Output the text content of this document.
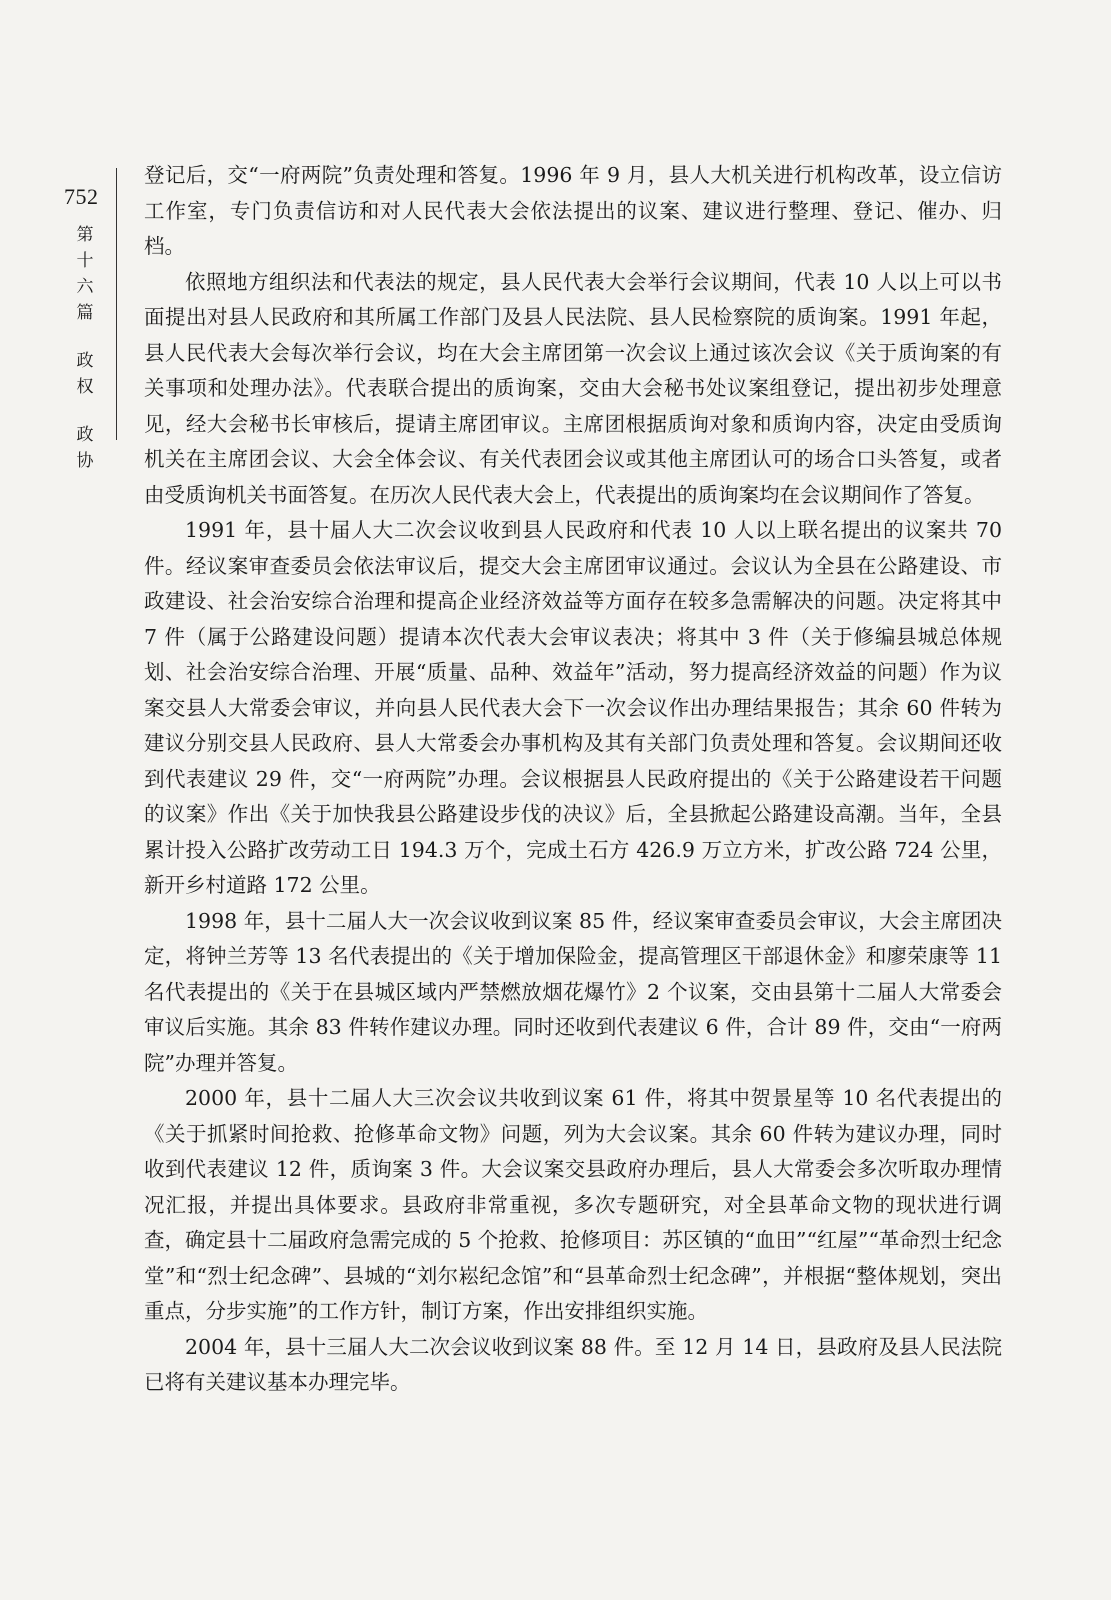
752
第
十
六
篇
政
权
政
协

登记后，交“一府两院”负责处理和答复。1996 年 9 月，县人大机关进行机构改革，设立信访工作室，专门负责信访和对人民代表大会依法提出的议案、建议进行整理、登记、催办、归档。

依照地方组织法和代表法的规定，县人民代表大会举行会议期间，代表 10 人以上可以书面提出对县人民政府和其所属工作部门及县人民法院、县人民检察院的质询案。1991 年起，县人民代表大会每次举行会议，均在大会主席团第一次会议上通过该次会议《关于质询案的有关事项和处理办法》。代表联合提出的质询案，交由大会秘书处议案组登记，提出初步处理意见，经大会秘书长审核后，提请主席团审议。主席团根据质询对象和质询内容，决定由受质询机关在主席团会议、大会全体会议、有关代表团会议或其他主席团认可的场合口头答复，或者由受质询机关书面答复。在历次人民代表大会上，代表提出的质询案均在会议期间作了答复。

1991 年，县十届人大二次会议收到县人民政府和代表 10 人以上联名提出的议案共 70 件。经议案审查委员会依法审议后，提交大会主席团审议通过。会议认为全县在公路建设、市政建设、社会治安综合治理和提高企业经济效益等方面存在较多急需解决的问题。决定将其中 7 件（属于公路建设问题）提请本次代表大会审议表决；将其中 3 件（关于修编县城总体规划、社会治安综合治理、开展“质量、品种、效益年”活动，努力提高经济效益的问题）作为议案交县人大常委会审议，并向县人民代表大会下一次会议作出办理结果报告；其余 60 件转为建议分别交县人民政府、县人大常委会办事机构及其有关部门负责处理和答复。会议期间还收到代表建议 29 件，交“一府两院”办理。会议根据县人民政府提出的《关于公路建设若干问题的议案》作出《关于加快我县公路建设步伐的决议》后，全县掀起公路建设高潮。当年，全县累计投入公路扩改劳动工日 194.3 万个，完成土石方 426.9 万立方米，扩改公路 724 公里，新开乡村道路 172 公里。

1998 年，县十二届人大一次会议收到议案 85 件，经议案审查委员会审议，大会主席团决定，将钟兰芳等 13 名代表提出的《关于增加保险金，提高管理区干部退休金》和廖荣康等 11 名代表提出的《关于在县城区域内严禁燃放烟花爆竹》2 个议案，交由县第十二届人大常委会审议后实施。其余 83 件转作建议办理。同时还收到代表建议 6 件，合计 89 件，交由“一府两院”办理并答复。

2000 年，县十二届人大三次会议共收到议案 61 件，将其中贺景星等 10 名代表提出的《关于抓紧时间抢救、抢修革命文物》问题，列为大会议案。其余 60 件转为建议办理，同时收到代表建议 12 件，质询案 3 件。大会议案交县政府办理后，县人大常委会多次听取办理情况汇报，并提出具体要求。县政府非常重视，多次专题研究，对全县革命文物的现状进行调查，确定县十二届政府急需完成的 5 个抢救、抢修项目：苏区镇的“血田”“红屋”“革命烈士纪念堂”和“烈士纪念碑”、县城的“刘尔崧纪念馆”和“县革命烈士纪念碑”，并根据“整体规划，突出重点，分步实施”的工作方针，制订方案，作出安排组织实施。

2004 年，县十三届人大二次会议收到议案 88 件。至 12 月 14 日，县政府及县人民法院已将有关建议基本办理完毕。
